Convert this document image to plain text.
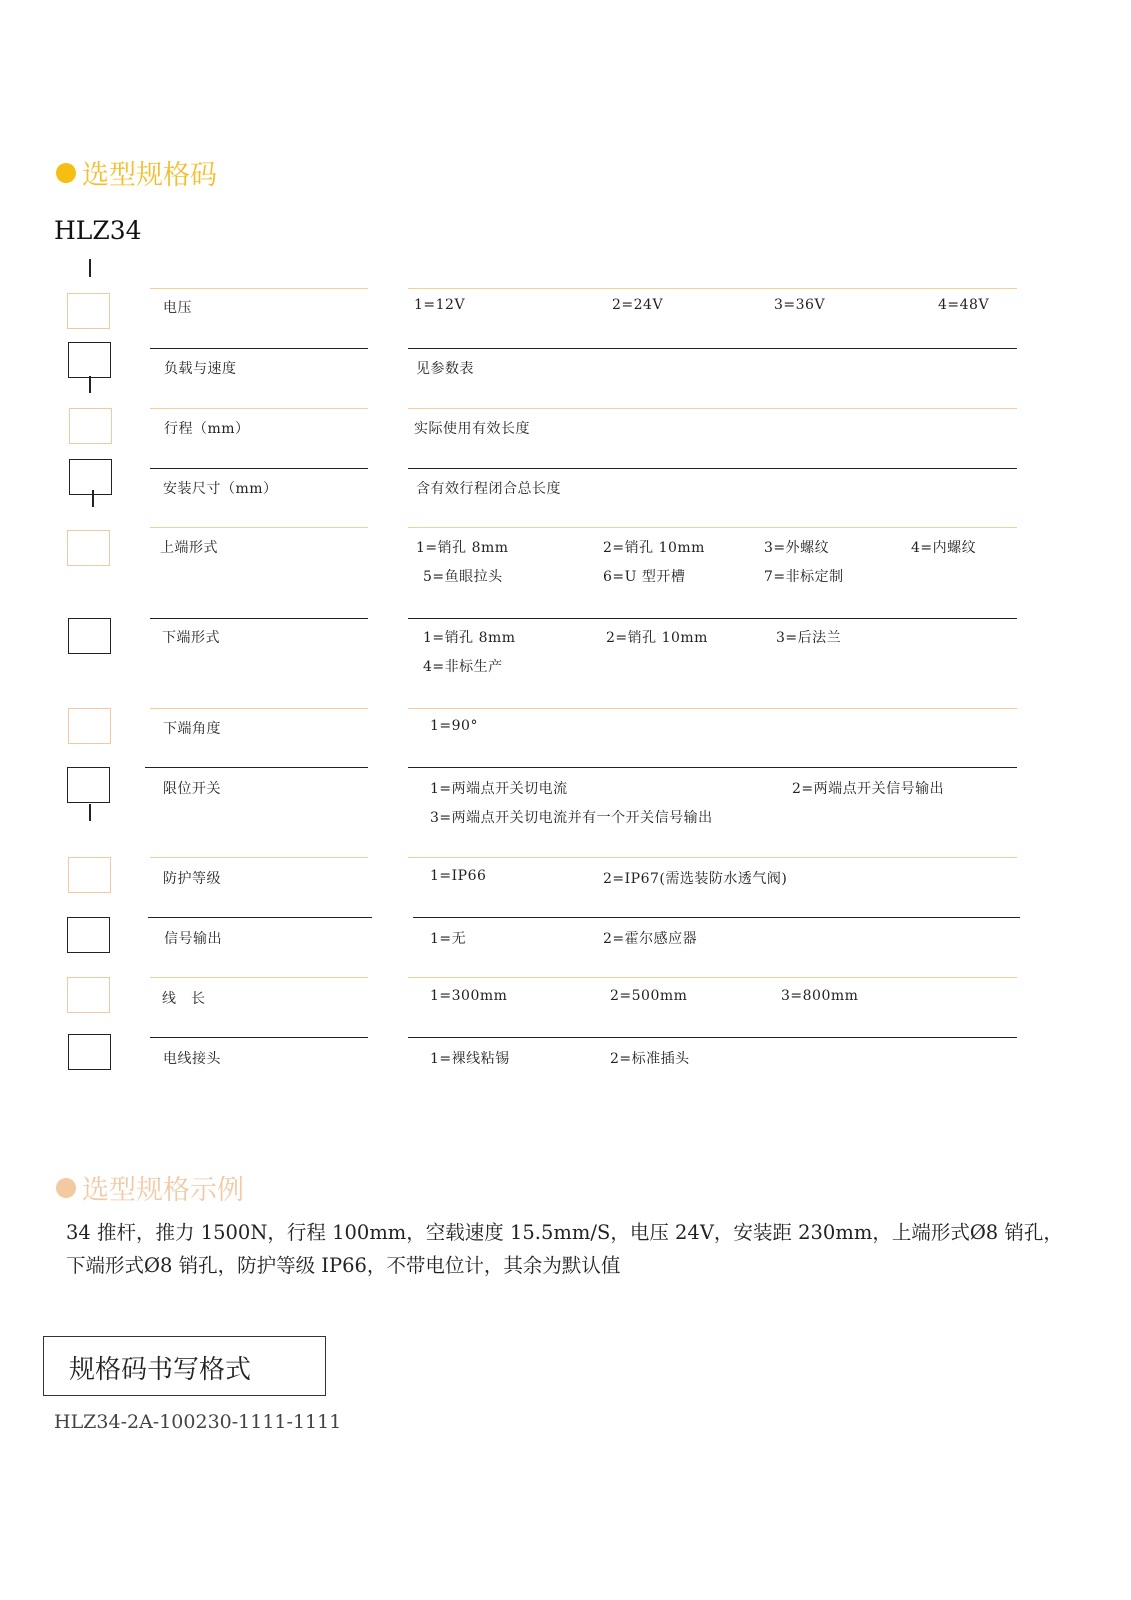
选型规格码
HLZ34
电压	1=12V	2=24V	3=36V	4=48V
负载与速度	见参数表
行程（mm）	实际使用有效长度
安装尺寸（mm）	含有效行程闭合总长度
上端形式	1=销孔 8mm	2=销孔 10mm	3=外螺纹	4=内螺纹
5=鱼眼拉头	6=U 型开槽	7=非标定制
下端形式	1=销孔 8mm	2=销孔 10mm	3=后法兰
4=非标生产
下端角度	1=90°
限位开关	1=两端点开关切电流	2=两端点开关信号输出
3=两端点开关切电流并有一个开关信号输出
防护等级	1=IP66	2=IP67(需选装防水透气阀)
信号输出	1=无	2=霍尔感应器
线　长	1=300mm	2=500mm	3=800mm
电线接头	1=裸线粘锡	2=标准插头
选型规格示例
34 推杆，推力 1500N，行程 100mm，空载速度 15.5mm/S，电压 24V，安装距 230mm，上端形式Ø8 销孔，
下端形式Ø8 销孔，防护等级 IP66，不带电位计，其余为默认值
规格码书写格式
HLZ34-2A-100230-1111-1111
